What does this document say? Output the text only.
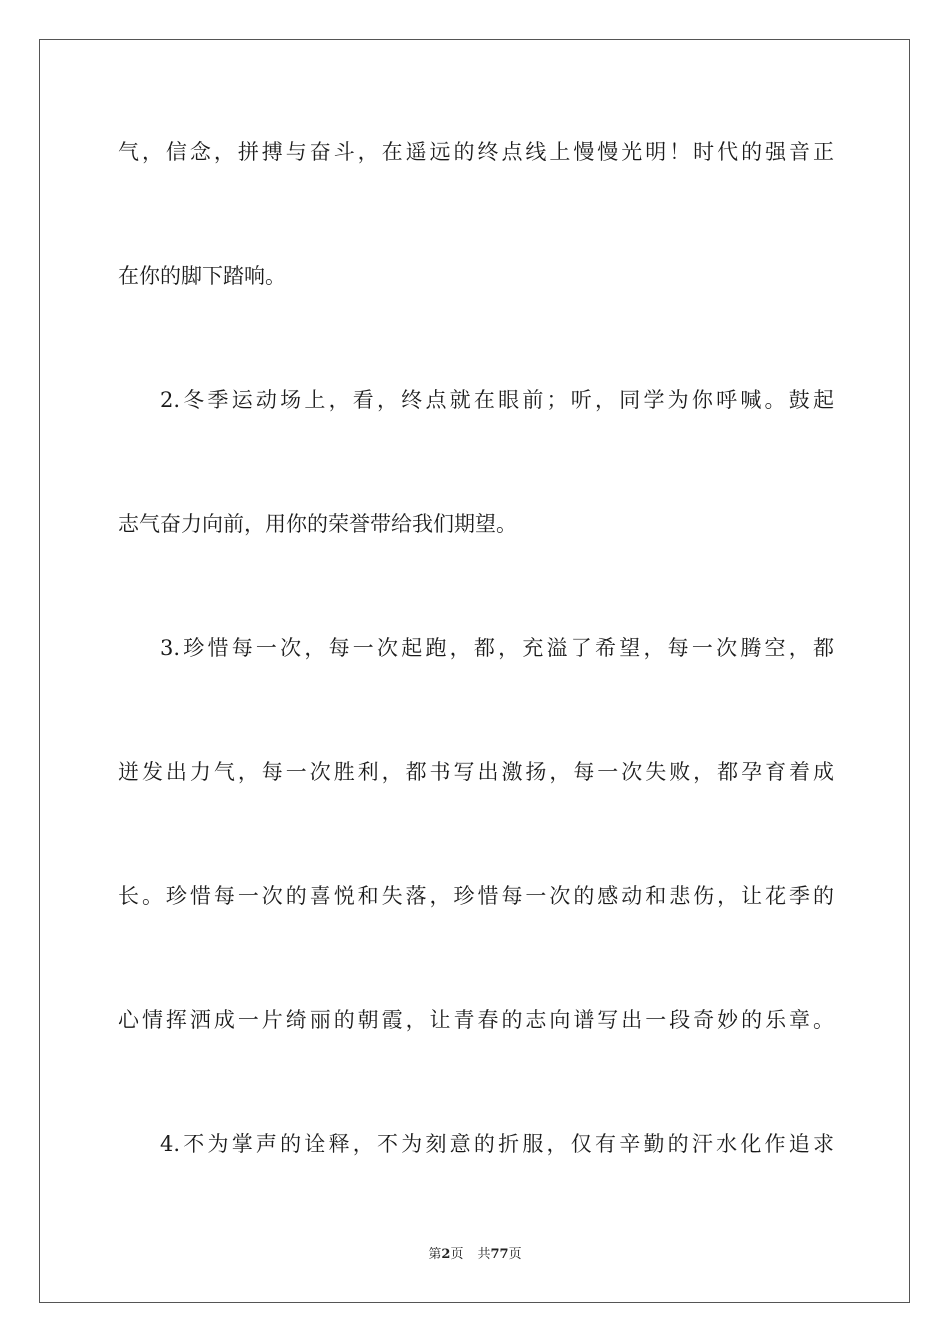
气，信念，拼搏与奋斗，在遥远的终点线上慢慢光明！时代的强音正
在你的脚下踏响。
2.冬季运动场上，看，终点就在眼前；听，同学为你呼喊。鼓起
志气奋力向前，用你的荣誉带给我们期望。
3.珍惜每一次，每一次起跑，都，充溢了希望，每一次腾空，都
迸发出力气，每一次胜利，都书写出激扬，每一次失败，都孕育着成
长。珍惜每一次的喜悦和失落，珍惜每一次的感动和悲伤，让花季的
心情挥洒成一片绮丽的朝霞，让青春的志向谱写出一段奇妙的乐章。
4.不为掌声的诠释，不为刻意的折服，仅有辛勤的汗水化作追求
第2页 共77页
